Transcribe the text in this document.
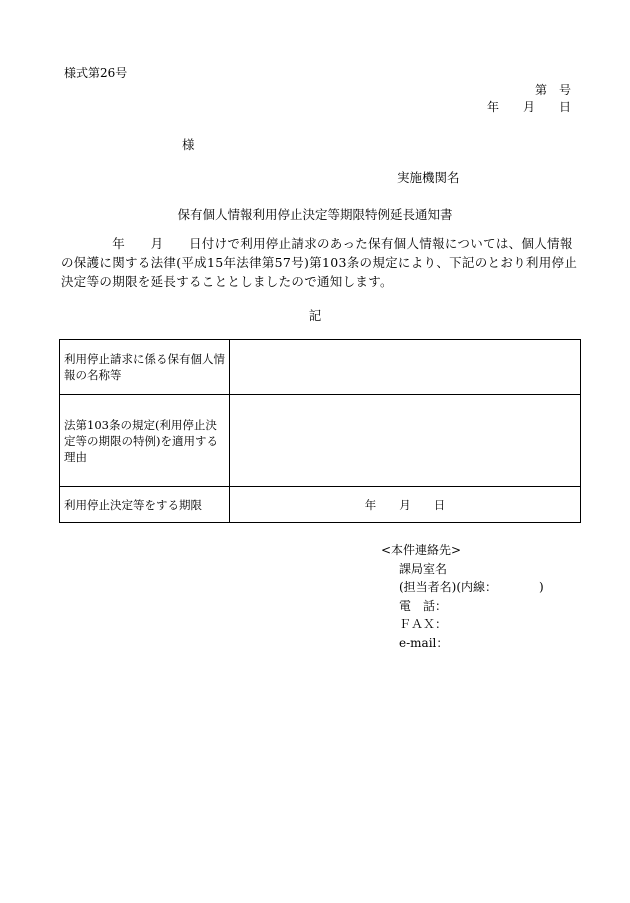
様式第26号
第　号
年　　月　　日
様
実施機関名
保有個人情報利用停止決定等期限特例延長通知書
　　　　年　　月　　日付けで利用停止請求のあった保有個人情報については、個人情報の保護に関する法律(平成15年法律第57号)第103条の規定により、下記のとおり利用停止決定等の期限を延長することとしましたので通知します。
記
利用停止請求に係る保有個人情報の名称等	
法第103条の規定(利用停止決定等の期限の特例)を適用する理由	
利用停止決定等をする期限	年　　月　　日
<本件連絡先>
課局室名
(担当者名)(内線：　　　　)
電　話：
ＦＡＸ：
e-mail：
